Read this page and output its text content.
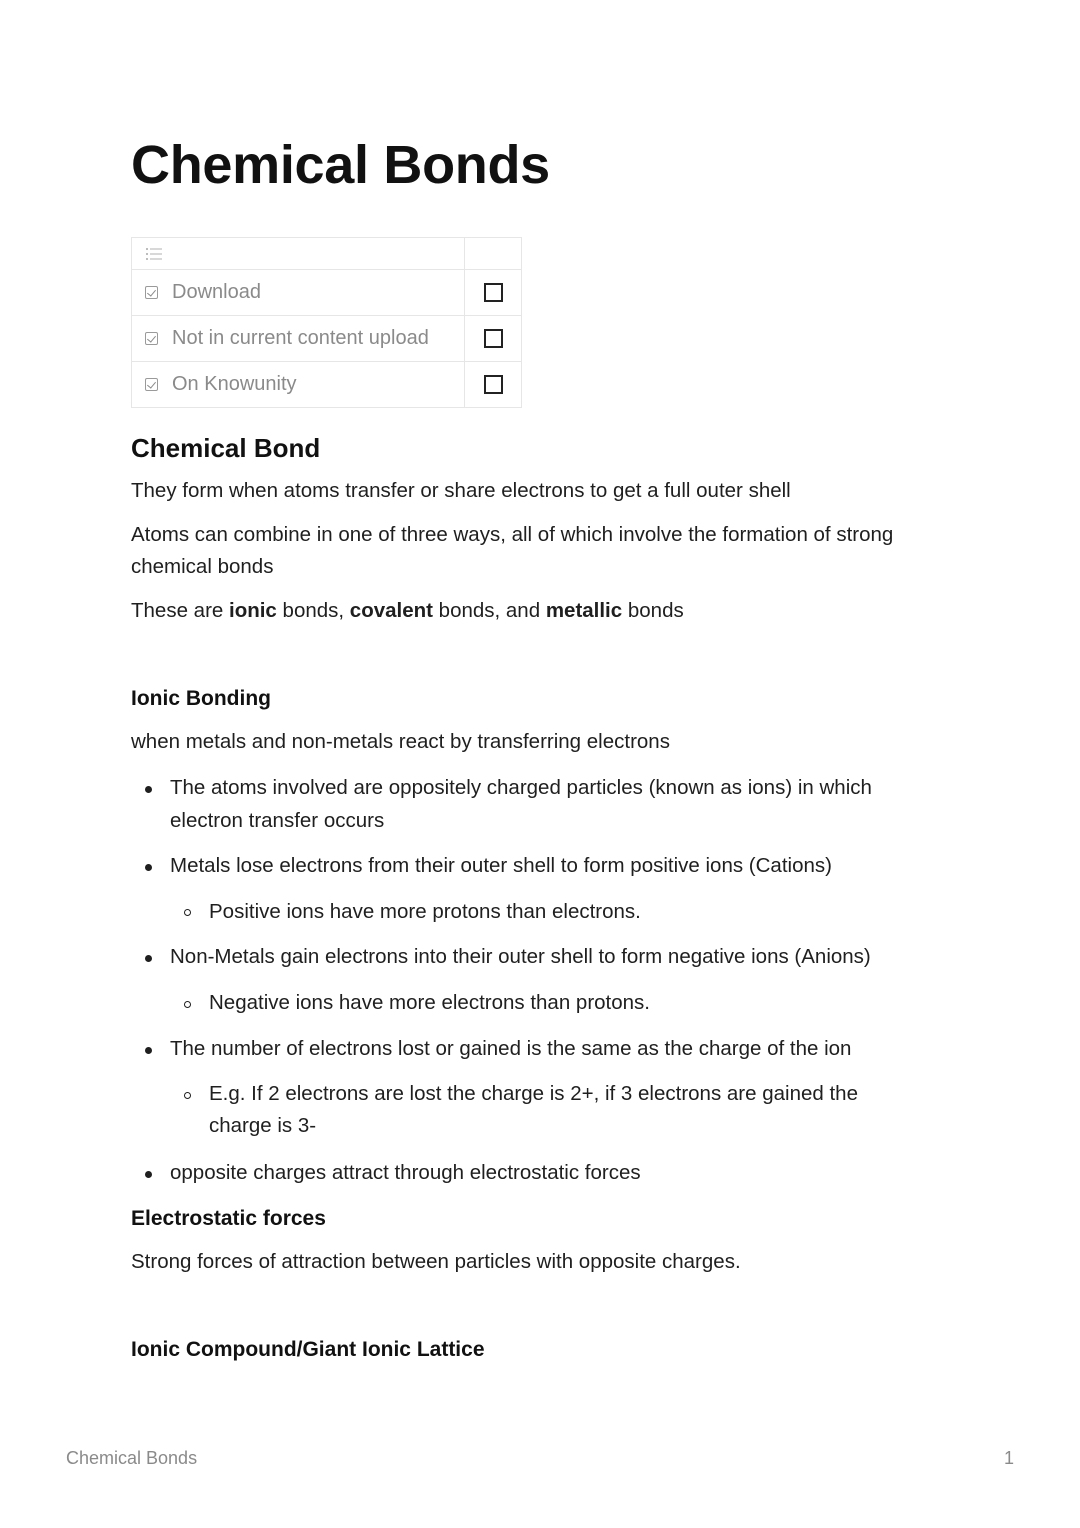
Chemical Bonds
Download
Not in current content upload
On Knowunity
Chemical Bond

They form when atoms transfer or share electrons to get a full outer shell

Atoms can combine in one of three ways, all of which involve the formation of strong

chemical bonds

These are ionic bonds, covalent bonds, and metallic bonds

Ionic Bonding

when metals and non-metals react by transferring electrons

The atoms involved are oppositely charged particles (known as ions) in which
electron transfer occurs
Metals lose electrons from their outer shell to form positive ions (Cations)
Positive ions have more protons than electrons.
Non-Metals gain electrons into their outer shell to form negative ions (Anions)
Negative ions have more electrons than protons.
The number of electrons lost or gained is the same as the charge of the ion
E.g. If 2 electrons are lost the charge is 2+, if 3 electrons are gained the
charge is 3-
opposite charges attract through electrostatic forces
Electrostatic forces

Strong forces of attraction between particles with opposite charges.

Ionic Compound/Giant Ionic Lattice
Chemical Bonds	1
